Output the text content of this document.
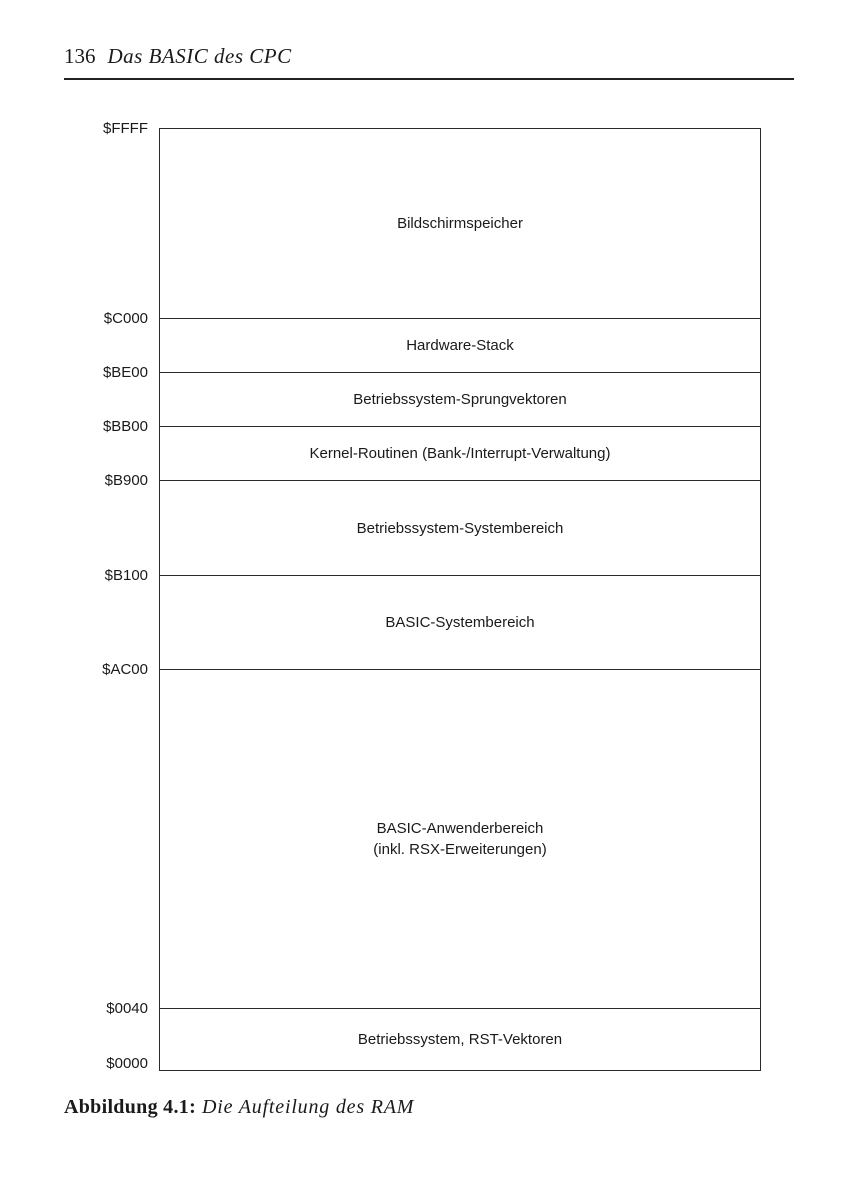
136 Das BASIC des CPC
$FFFF
$C000
$BE00
$BB00
$B900
$B100
$AC00
$0040
$0000
Bildschirmspeicher
Hardware-Stack
Betriebssystem-Sprungvektoren
Kernel-Routinen (Bank-/Interrupt-Verwaltung)
Betriebssystem-Systembereich
BASIC-Systembereich
BASIC-Anwenderbereich
(inkl. RSX-Erweiterungen)
Betriebssystem, RST-Vektoren
Abbildung 4.1: Die Aufteilung des RAM
